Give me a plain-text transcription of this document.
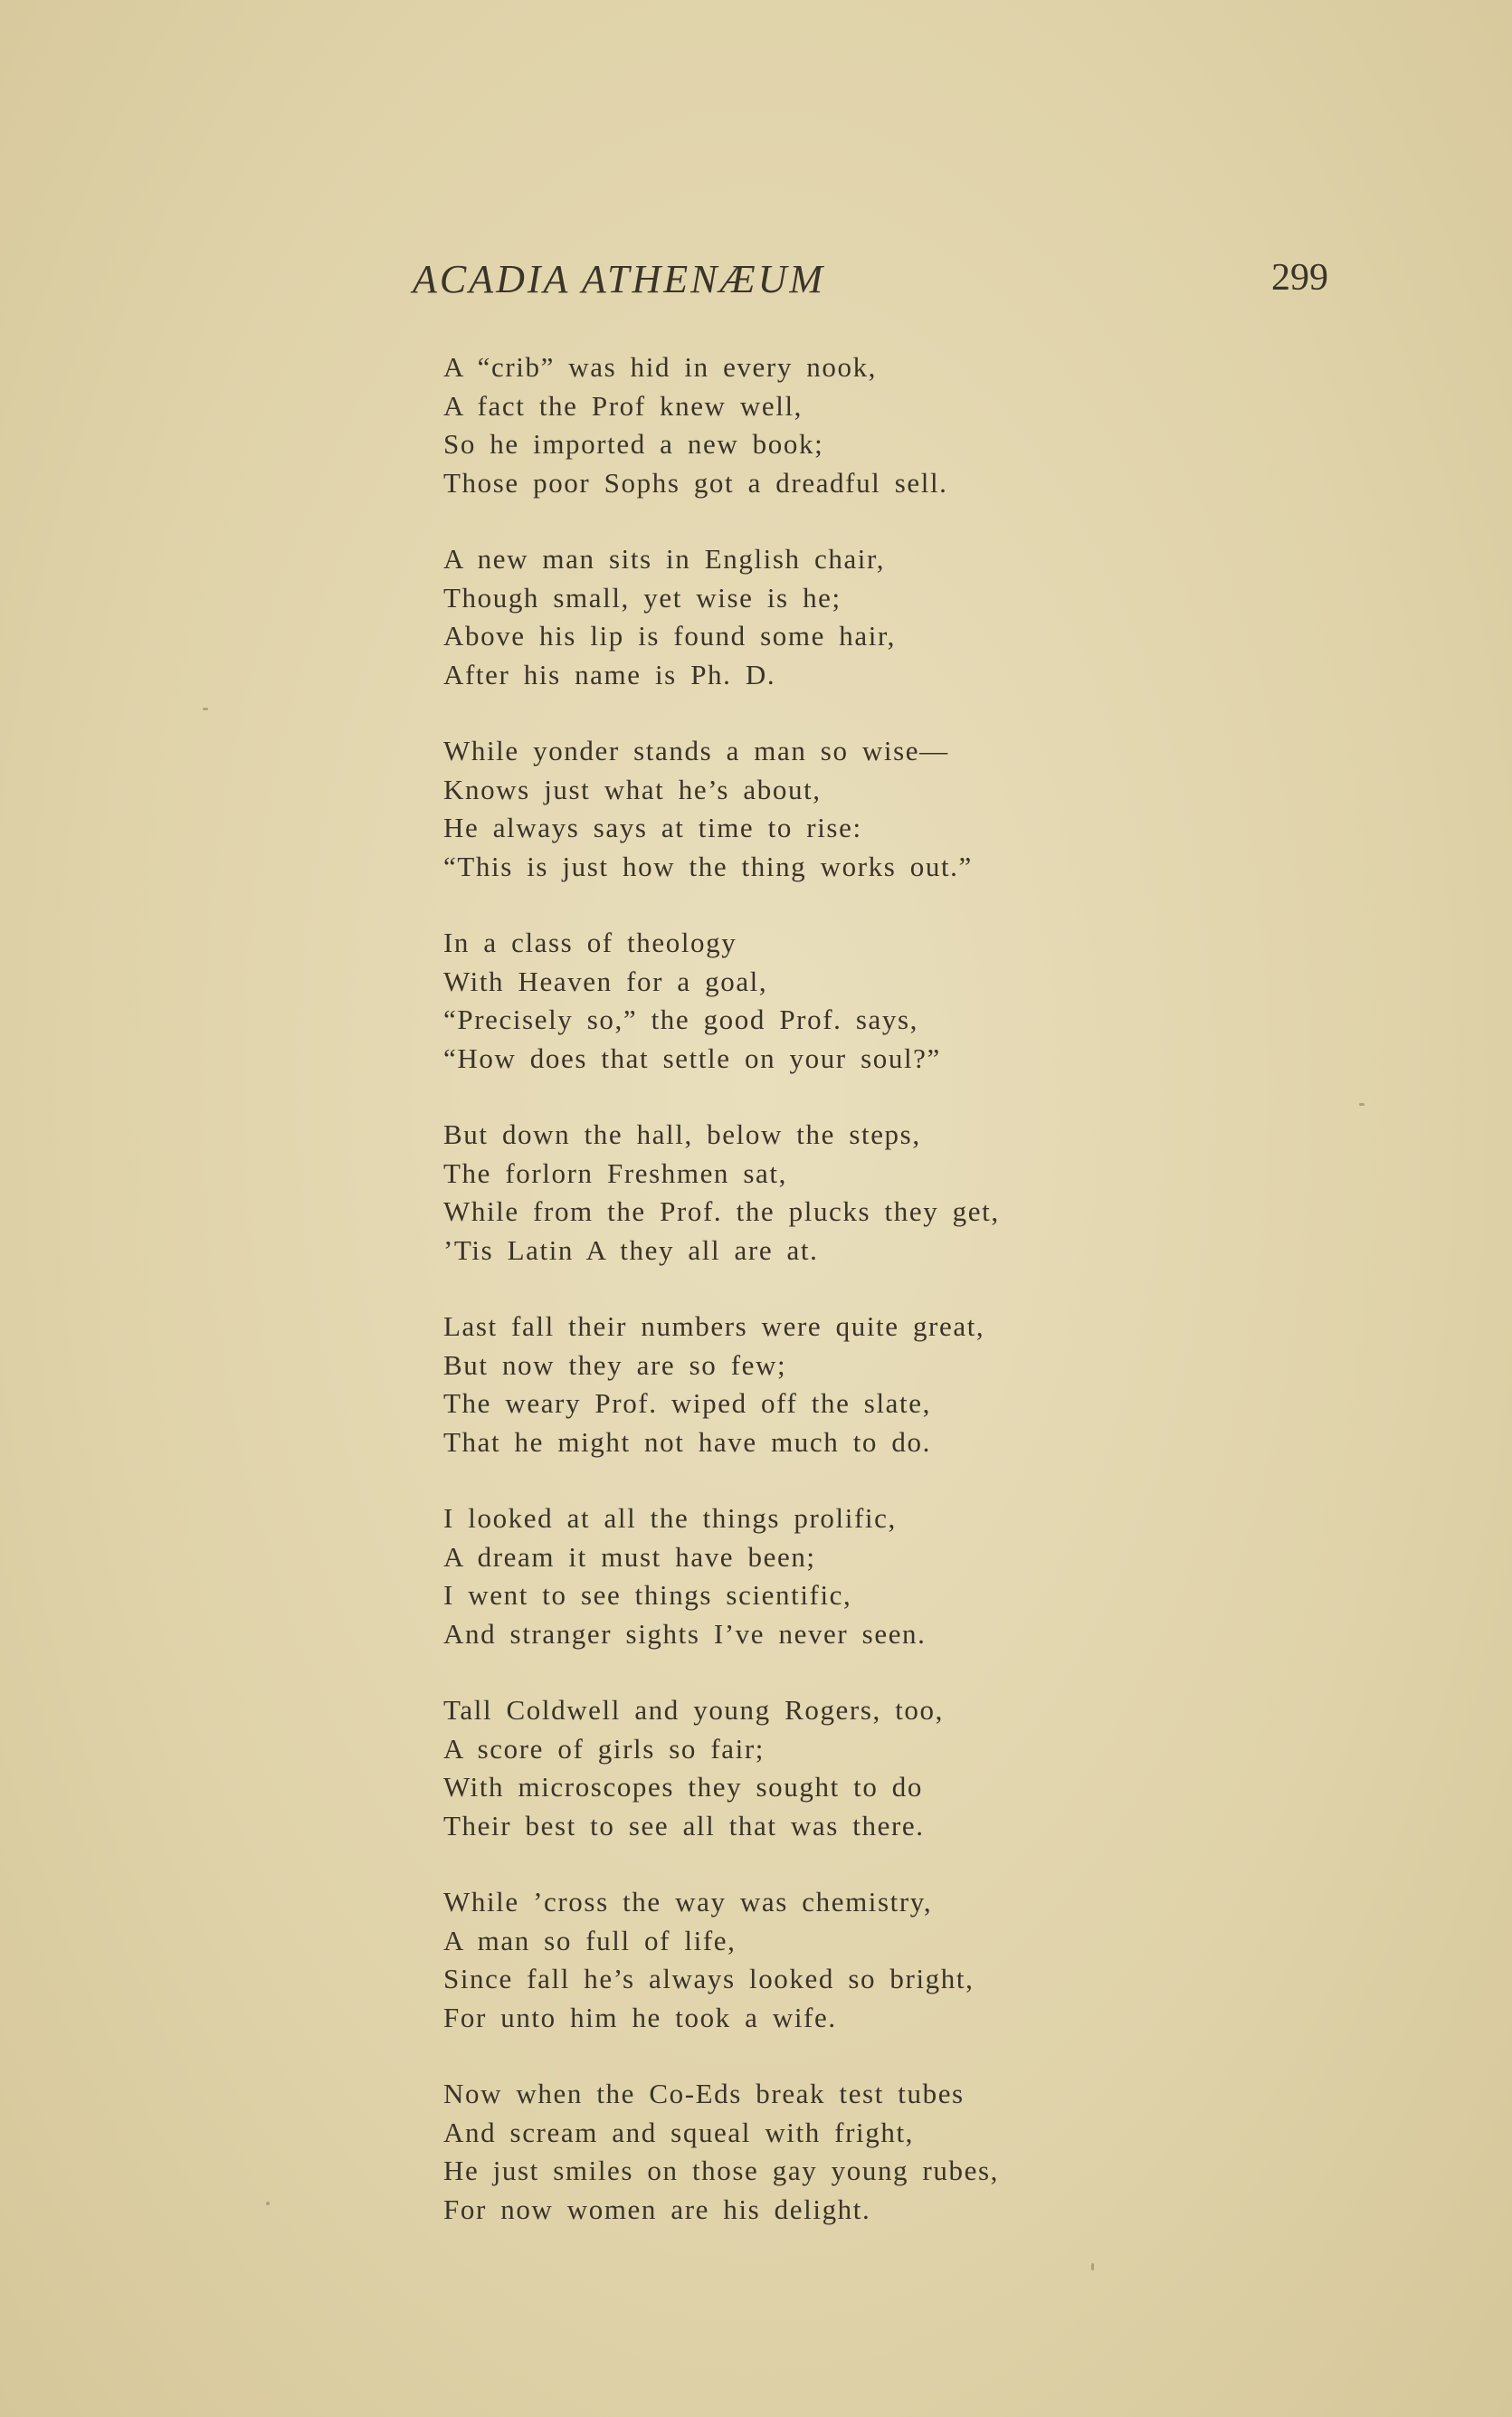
ACADIA ATHENÆUM	299
A “crib” was hid in every nook,
A fact the Prof knew well,
So he imported a new book;
Those poor Sophs got a dreadful sell.
A new man sits in English chair,
Though small, yet wise is he;
Above his lip is found some hair,
After his name is Ph. D.
While yonder stands a man so wise—
Knows just what he’s about,
He always says at time to rise:
“This is just how the thing works out.”
In a class of theology
With Heaven for a goal,
“Precisely so,” the good Prof. says,
“How does that settle on your soul?”
But down the hall, below the steps,
The forlorn Freshmen sat,
While from the Prof. the plucks they get,
’Tis Latin A they all are at.
Last fall their numbers were quite great,
But now they are so few;
The weary Prof. wiped off the slate,
That he might not have much to do.
I looked at all the things prolific,
A dream it must have been;
I went to see things scientific,
And stranger sights I’ve never seen.
Tall Coldwell and young Rogers, too,
A score of girls so fair;
With microscopes they sought to do
Their best to see all that was there.
While ’cross the way was chemistry,
A man so full of life,
Since fall he’s always looked so bright,
For unto him he took a wife.
Now when the Co-Eds break test tubes
And scream and squeal with fright,
He just smiles on those gay young rubes,
For now women are his delight.
